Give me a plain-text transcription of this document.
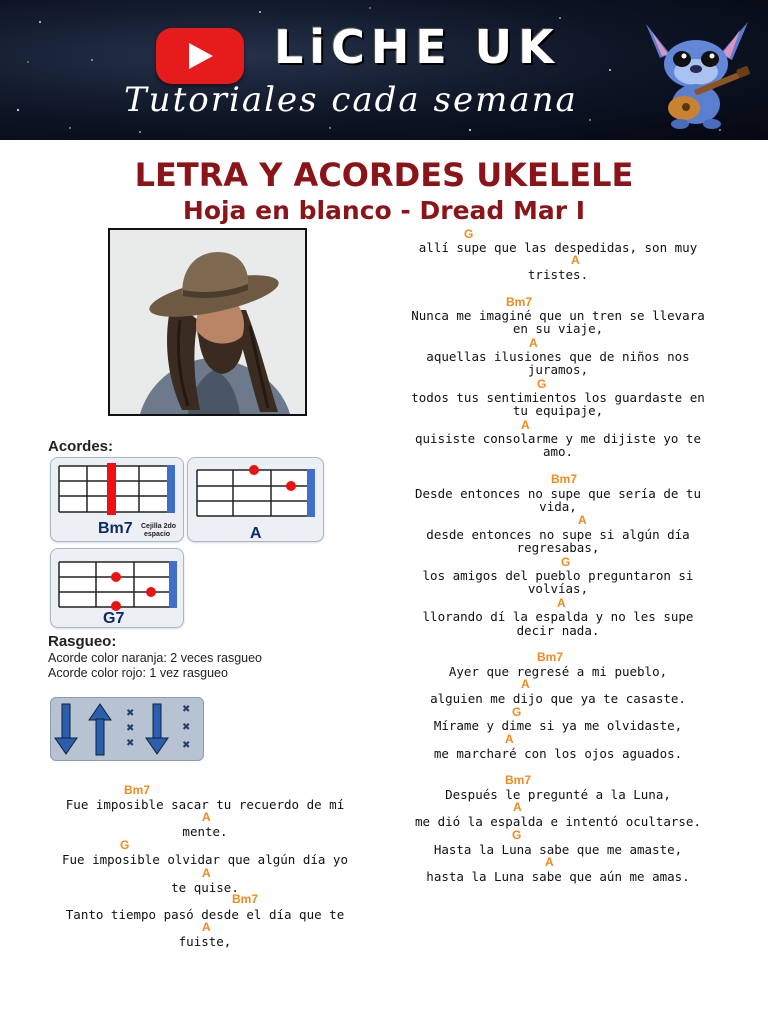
LiCHE UK
Tutoriales cada semana
LETRA Y ACORDES UKELELE
Hoja en blanco - Dread Mar I
Acordes:
Bm7 Cejilla 2do
espacio	A
G7
Rasgueo:
Acorde color naranja: 2 veces rasgueo
Acorde color rojo: 1 vez rasgueo
✖
✖
✖
✖
✖
✖
Bm7
Fue imposible sacar tu recuerdo de mí
A
mente.
G
Fue imposible olvidar que algún día yo
A
te quise.
Bm7
Tanto tiempo pasó desde el día que te
A
fuiste,
G
allí supe que las despedidas, son muy
A
tristes.
Bm7
Nunca me imaginé que un tren se llevara
en su viaje,
A
aquellas ilusiones que de niños nos
juramos,
G
todos tus sentimientos los guardaste en
tu equipaje,
A
quisiste consolarme y me dijiste yo te
amo.
Bm7
Desde entonces no supe que sería de tu
vida,
A
desde entonces no supe si algún día
regresabas,
G
los amigos del pueblo preguntaron si
volvías,
A
llorando dí la espalda y no les supe
decir nada.
Bm7
Ayer que regresé a mi pueblo,
A
alguien me dijo que ya te casaste.
G
Mírame y dime si ya me olvidaste,
A
me marcharé con los ojos aguados.
Bm7
Después le pregunté a la Luna,
A
me dió la espalda e intentó ocultarse.
G
Hasta la Luna sabe que me amaste,
A
hasta la Luna sabe que aún me amas.
